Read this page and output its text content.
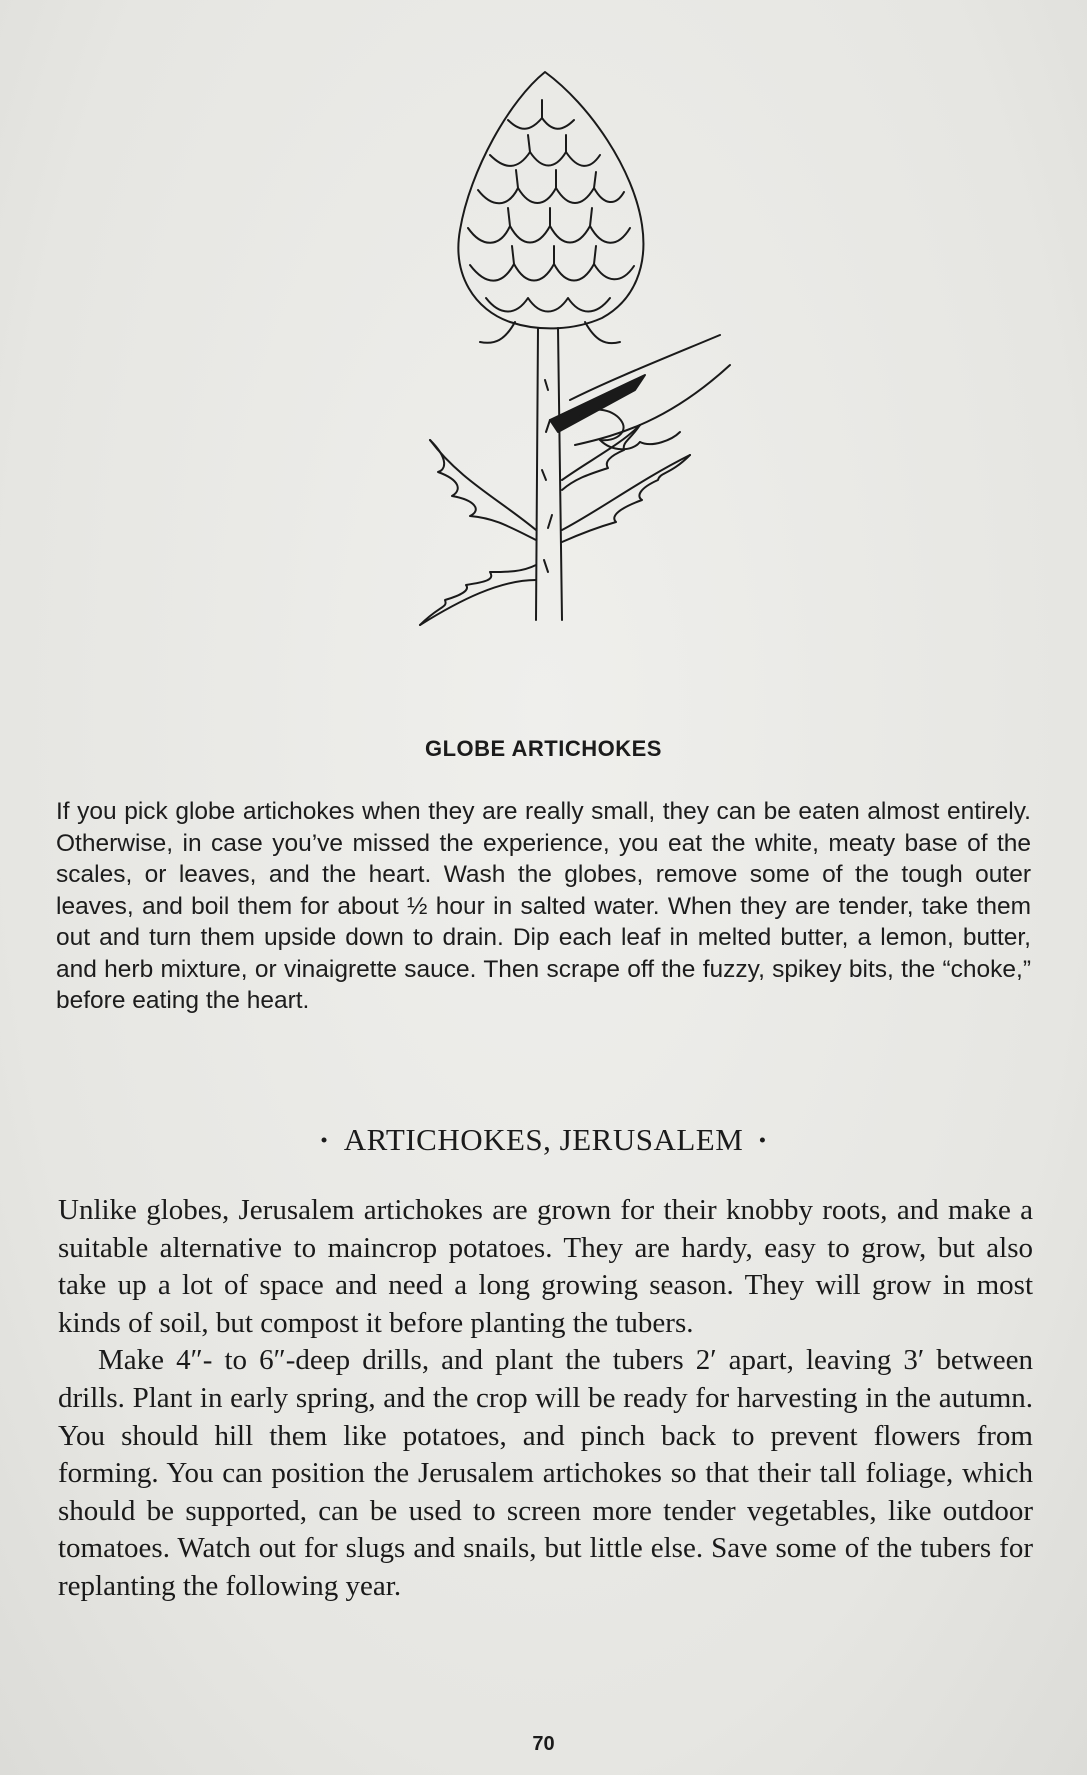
GLOBE ARTICHOKES
If you pick globe artichokes when they are really small, they can be eaten almost entirely. Otherwise, in case you’ve missed the experience, you eat the white, meaty base of the scales, or leaves, and the heart. Wash the globes, remove some of the tough outer leaves, and boil them for about ½ hour in salted water. When they are tender, take them out and turn them upside down to drain. Dip each leaf in melted butter, a lemon, butter, and herb mixture, or vinaigrette sauce. Then scrape off the fuzzy, spikey bits, the “choke,” before eating the heart.
· ARTICHOKES, JERUSALEM ·

Unlike globes, Jerusalem artichokes are grown for their knobby roots, and make a suitable alternative to maincrop potatoes. They are hardy, easy to grow, but also take up a lot of space and need a long growing season. They will grow in most kinds of soil, but compost it before planting the tubers.

Make 4″- to 6″-deep drills, and plant the tubers 2′ apart, leaving 3′ between drills. Plant in early spring, and the crop will be ready for harvesting in the autumn. You should hill them like potatoes, and pinch back to prevent flowers from forming. You can position the Jerusalem artichokes so that their tall foliage, which should be supported, can be used to screen more tender vegetables, like outdoor tomatoes. Watch out for slugs and snails, but little else. Save some of the tubers for replanting the following year.

70
